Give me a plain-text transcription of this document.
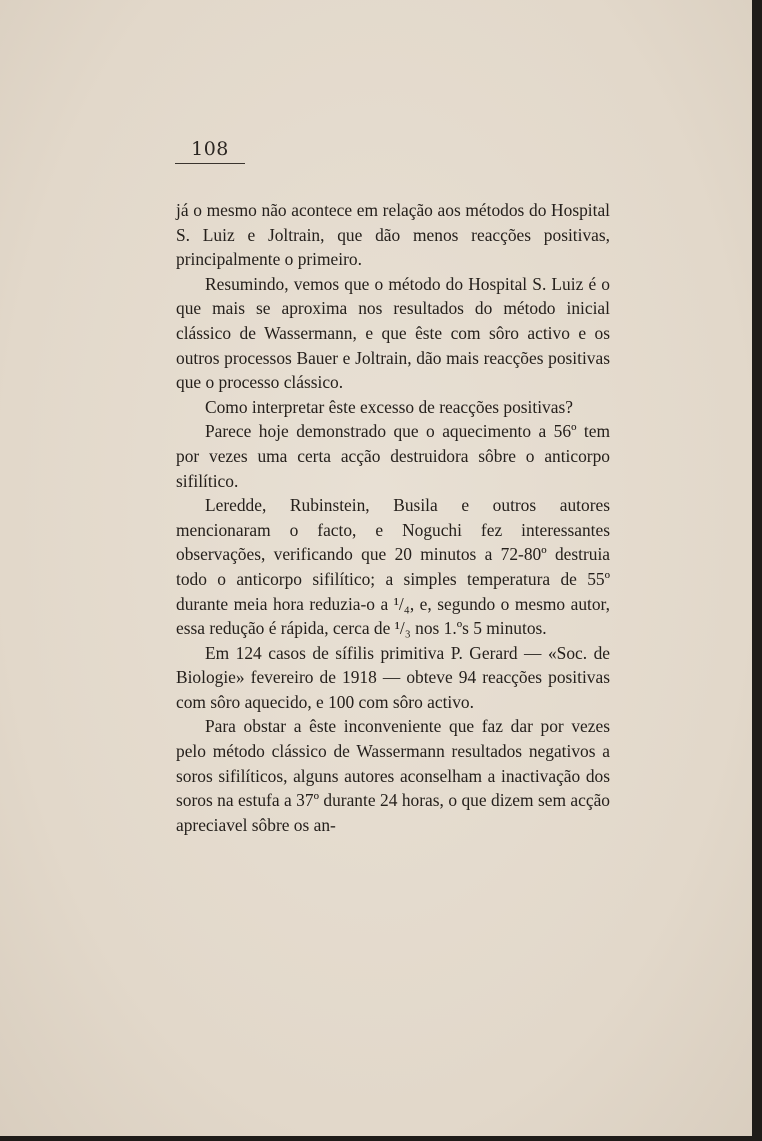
108

já o mesmo não acontece em relação aos métodos do Hospital S. Luiz e Joltrain, que dão menos reacções positivas, principalmente o primeiro.

Resumindo, vemos que o método do Hospital S. Luiz é o que mais se aproxima nos resultados do método inicial clássico de Wassermann, e que êste com sôro activo e os outros processos Bauer e Joltrain, dão mais reacções positivas que o processo clássico.

Como interpretar êste excesso de reacções positivas?

Parece hoje demonstrado que o aquecimento a 56º tem por vezes uma certa acção destruidora sôbre o anticorpo sifilítico.

Leredde, Rubinstein, Busila e outros autores mencionaram o facto, e Noguchi fez interessantes observações, verificando que 20 minutos a 72-80º destruia todo o anticorpo sifilítico; a simples temperatura de 55º durante meia hora reduzia-o a ¹/₄, e, segundo o mesmo autor, essa redução é rápida, cerca de ¹/₃ nos 1.ºs 5 minutos.

Em 124 casos de sífilis primitiva P. Gerard — «Soc. de Biologie» fevereiro de 1918 — obteve 94 reacções positivas com sôro aquecido, e 100 com sôro activo.

Para obstar a êste inconveniente que faz dar por vezes pelo método clássico de Wassermann resultados negativos a soros sifilíticos, alguns autores aconselham a inactivação dos soros na estufa a 37º durante 24 horas, o que dizem sem acção apreciavel sôbre os an-
